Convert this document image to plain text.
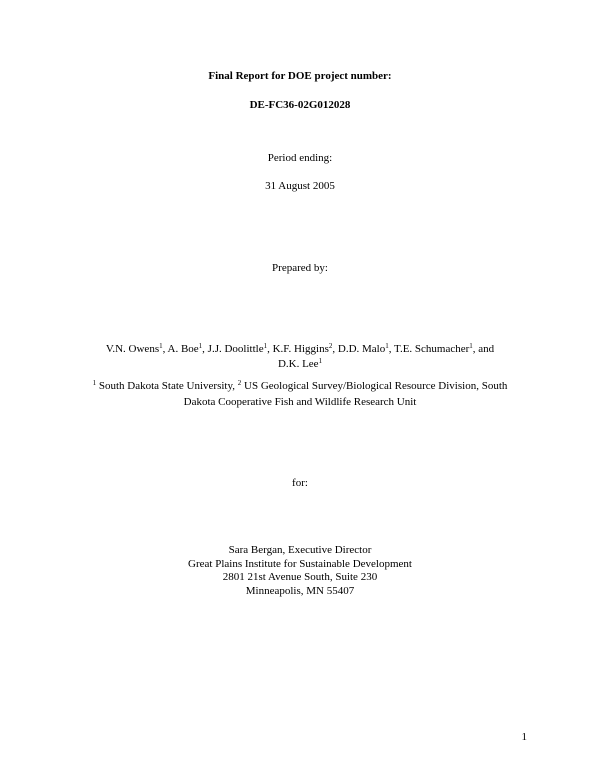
Final Report for DOE project number:
DE-FC36-02G012028
Period ending:
31 August 2005
Prepared by:
V.N. Owens$^1$, A. Boe$^1$, J.J. Doolittle$^1$, K.F. Higgins$^2$, D.D. Malo$^1$, T.E. Schumacher$^1$, and
D.K. Lee$^1$
$^1$ South Dakota State University, $^2$ US Geological Survey/Biological Resource Division, South
Dakota Cooperative Fish and Wildlife Research Unit
for:
Sara Bergan, Executive Director
Great Plains Institute for Sustainable Development
2801 21st Avenue South, Suite 230
Minneapolis, MN 55407
1
